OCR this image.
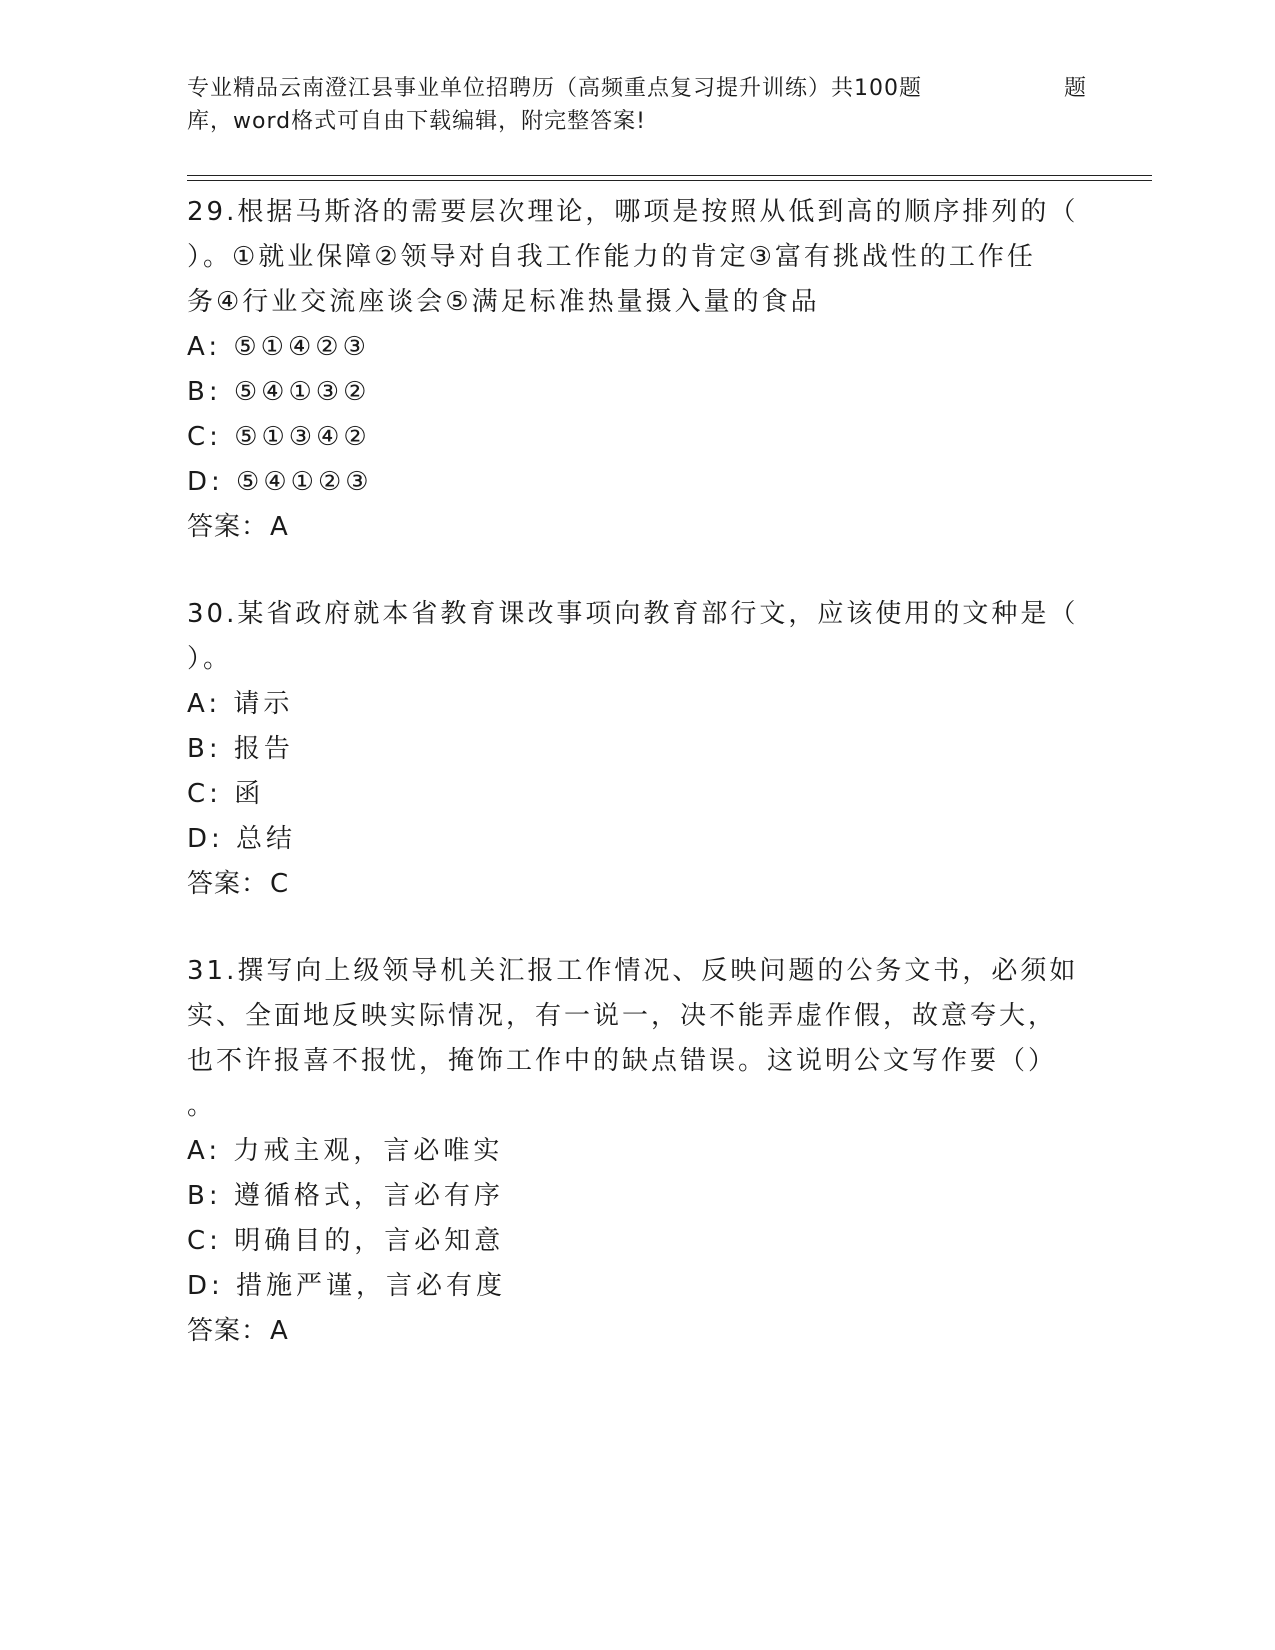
专业精品云南澄江县事业单位招聘历（高频重点复习提升训练）共100题	题
库，word格式可自由下载编辑，附完整答案!
29.根据马斯洛的需要层次理论，哪项是按照从低到高的顺序排列的（
）。①就业保障②领导对自我工作能力的肯定③富有挑战性的工作任
务④行业交流座谈会⑤满足标准热量摄入量的食品
A: ⑤①④②③
B: ⑤④①③②
C: ⑤①③④②
D: ⑤④①②③
答案：A
30.某省政府就本省教育课改事项向教育部行文，应该使用的文种是（
）。
A: 请示
B: 报告
C: 函
D: 总结
答案：C
31.撰写向上级领导机关汇报工作情况、反映问题的公务文书，必须如
实、全面地反映实际情况，有一说一，决不能弄虚作假，故意夸大，
也不许报喜不报忧，掩饰工作中的缺点错误。这说明公文写作要（）
。
A: 力戒主观，言必唯实
B: 遵循格式，言必有序
C: 明确目的，言必知意
D: 措施严谨，言必有度
答案：A
